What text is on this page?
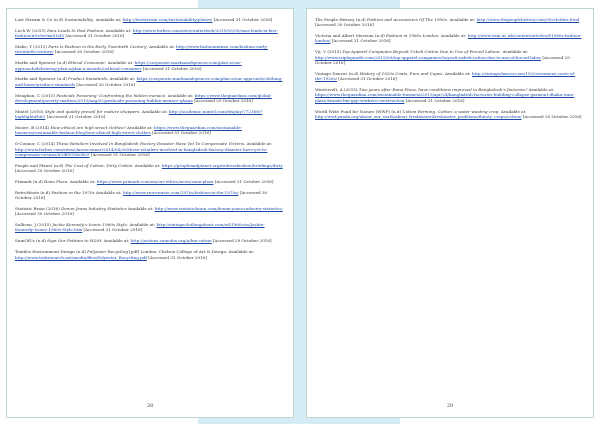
Lost Stream & Co (n.d) Sustainability. Available at: http://loststream.com/sustainability/planet/ [Accessed 31 October 2016]

Loch W (2015) Zara Leads In Fast Fashion. Available at: http://www.forbes.com/sites/walterloeb/2015/03/30/zara-leads-in-fast-fashion/#5e9e9aa81ef2 [Accessed 31 October 2016]

Mabe, Y (2012) Paris is Fashion in the Early Twentieth Century. Available at: http://www.fashionintime.com/fashion-early-twentieth-century/ [Accessed 30 October 2016]

Marks and Spencer (n.d) Ethical Consumer. Available at: https://corporate.marksandspencer.com/plan-a/our-approach/delivering-plan-a/plan-a-awards2/ethical-consumer [Accessed 31 October 2016]

Marks and Spencer (n.d) Product Standards. Available at: https://corporate.marksandspencer.com/plan-a/our-approach/clothing-and-home/product-standards [Accessed 30 October 2016]

Meaghan, C (2015) Pesticide Poisoning: Confronting the hidden menace. Available at: https://www.theguardian.com/global-development/poverty-matters/2013/aug/02/pesticide-poisoning-hidden-menace-ghana [Accessed 20 October 2016]

Mintel (2016) Style and quality prevail for mature shoppers. Available at: http://academic.mintel.com/display/772168/?highlight#hit1 [Accessed 31 October 2016]

Moore, B (2014) How ethical are high street clothes? Available at: https://www.theguardian.com/sustainable-business/sustainable-fashion-blog/how-ethical-high-street-clothes [Accessed 31 October 2016]

O'Connor, C (2014) These Retailers Involved In Bangladesh Factory Disaster Have Yet To Compensate Victims. Available at: http://www.forbes.com/sites/clareoconnor/2014/04/26/these-retailers-involved-in-bangladesh-factory-disaster-have-yet-to-compensate-victims/#54f0936e5fc5 [Accessed 31 October 2016]

People and Planet (n.d) The Cost of Cotton: Dirty Cotton. Available at: https://peopleandplanet.org/redressfashion/briefings/dirty [Accessed 20 October 2016]

Primark (n.d) Rana Plaza. Available at: https://www.primark.com/en/our-ethics/news/rana-plaza [Accessed 31 October 2016]

RetroWaste (n.d) Fashion in the 1970s Available at: http://www.retrowaste.com/1970s/fashion-in-the-1970s/ [Accessed 30 October 2016]

Statistic Brain (2016) Denim Jeans Industry Statistics Available at: http://www.statisticbrain.com/denim-jeans-industry-statistics/ [Accessed 30 October 2016]

Sullivan, J (2015) Jackie Kennedy's Iconic 1960s Style. Available at: http://vintageclothingabout.com/od/1960s/ss/Jackie-Kennedy-Iconic-1960s-Style.htm [Accessed 31 October 2016]

SumOfUs (n.d) Sign Our Petition to H&M. Available at: http://actions.sumofus.org/a/hm-cotton [Accessed 29 October 2016]

Textiles Environment Design (n.d) Polyester Recycling [pdf] London: Chelsea College of Art & Design. Available at: http://www.tedresearch.net/media/files/Polyester_Recycling.pdf [Accessed 31 October 2016]

28

The People History (n.d) Fashion and Accessories Of The 1950s. Available at: http://www.thepeoplehistory.com/50sclothes.html [Accessed 30 October 2016]

Victoria and Albert Museum (n.d) Fashion in 1960s London. Available at: http://www.vam.ac.uk/content/articles/f/1960s-fashion-london/ [Accessed 31 October 2016]

Vij, V (2015) Top Apparel Companies Boycott Uzbek Cotton Due to Use of Forced Labour. Available at: http://www.triplepundit.com/2015/09/top-apparel-companies-boycott-uzbek-cotton-due-to-use-of-forced-labor [Accessed 29 October 2016]

Vintage Dancer (n.d) History of 1920s Coats, Furs and Capes. Available at: http://vintagedancer.com/1920s/womens-coats-of-the-1920s/ [Accessed 31 October 2016]

Westervelt, A (2015) Two years after Rana Plaza, have conditions improved in Bangladesh's factories? Available at: https://www.theguardian.com/sustainable-business/2015/apr/24/bangladesh-factories-building-collapse-garment-dhaka-rana-plaza-brands-hm-gap-workers-construction [Accessed 31 October 2016]

World Wide Fund for Nature (WWF) (n.d) Cotton Farming. Cotton: a water wasting crop. Available at: http://wwf.panda.org/about_our_earth/about_freshwater/freshwater_problems/thirsty_crops/cotton/ [Accessed 20 October 2016]

29
